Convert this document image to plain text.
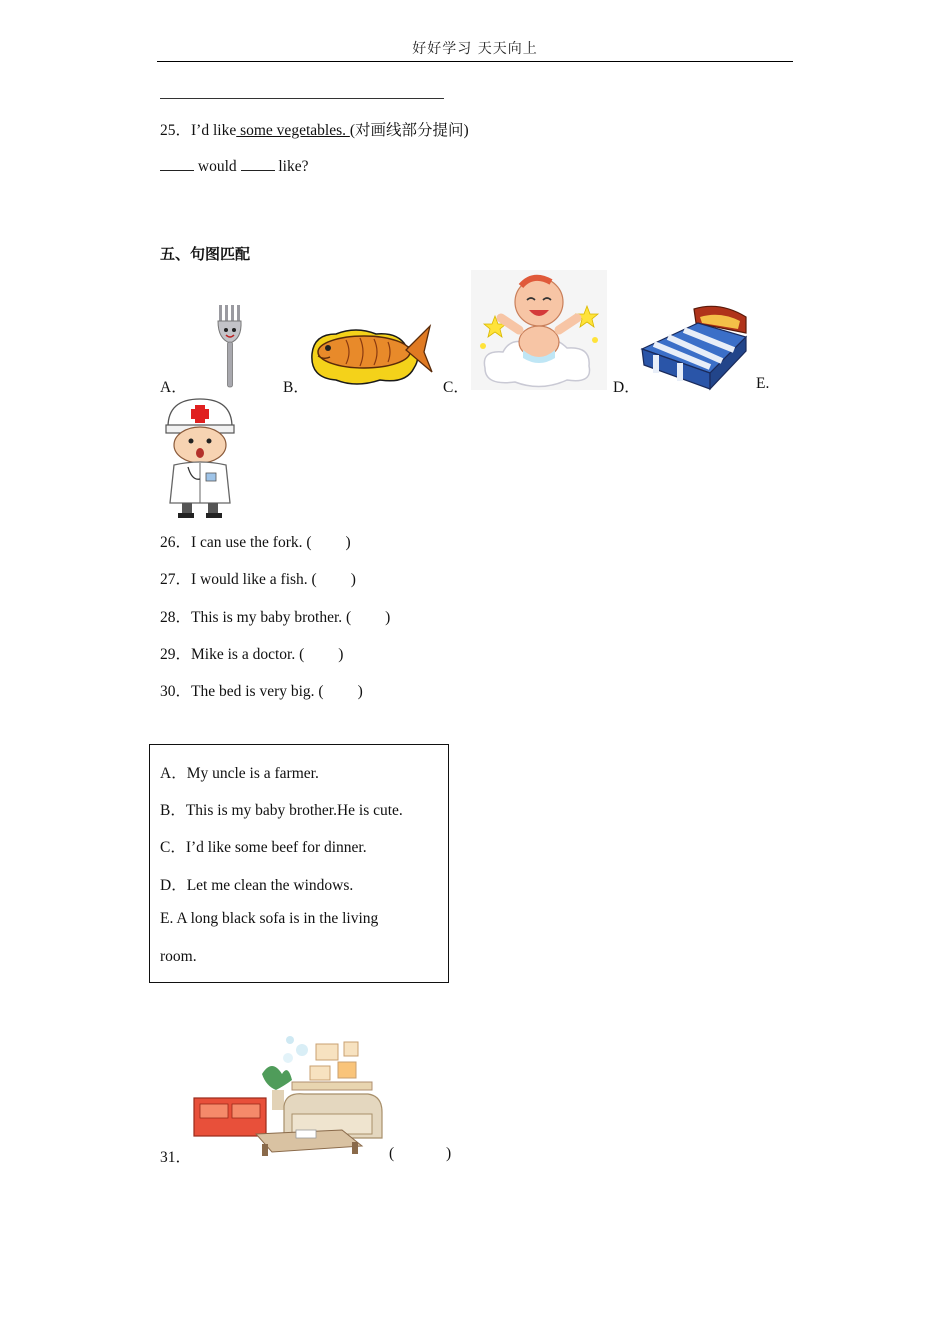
好好学习 天天向上
25．I’d like some vegetables. (对画线部分提问)
would	like?
五、句图匹配
A．	B．	C．	D．	E.
26．I can use the fork. ( )
27．I would like a fish. ( )
28．This is my baby brother. ( )
29．Mike is a doctor. ( )
30．The bed is very big. ( )
A．My uncle is a farmer.
B．This is my baby brother.He is cute.
C．I’d like some beef for dinner.
D．Let me clean the windows.
E. A long black sofa is in the living
room.
31．	(	)
